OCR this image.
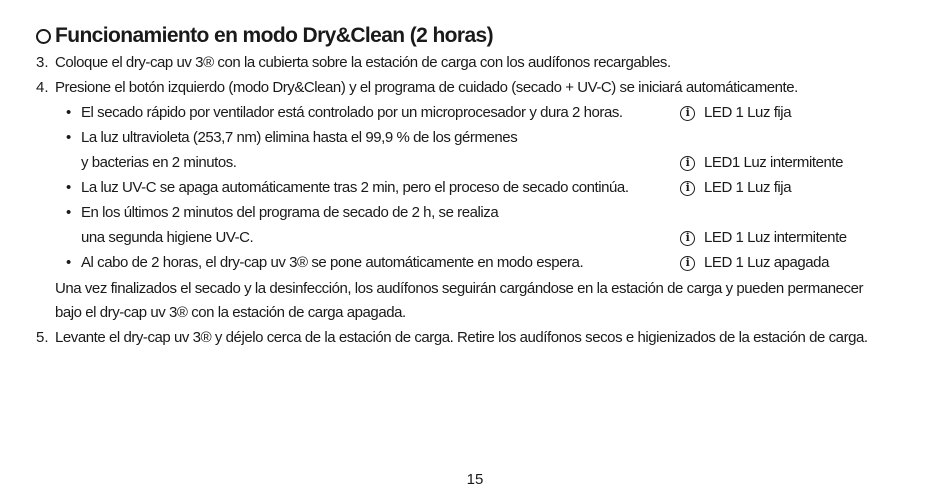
Funcionamiento en modo Dry&Clean (2 horas)
3. Coloque el dry-cap uv 3® con la cubierta sobre la estación de carga con los audífonos recargables.
4. Presione el botón izquierdo (modo Dry&Clean) y el programa de cuidado (secado + UV-C) se iniciará automáticamente.
• El secado rápido por ventilador está controlado por un microprocesador y dura 2 horas.	i LED 1 Luz fija
• La luz ultravioleta (253,7 nm) elimina hasta el 99,9 % de los gérmenes
y bacterias en 2 minutos.	i LED1 Luz intermitente
• La luz UV-C se apaga automáticamente tras 2 min, pero el proceso de secado continúa.	i LED 1 Luz fija
• En los últimos 2 minutos del programa de secado de 2 h, se realiza
una segunda higiene UV-C.	i LED 1 Luz intermitente
• Al cabo de 2 horas, el dry-cap uv 3® se pone automáticamente en modo espera.	i LED 1 Luz apagada
Una vez finalizados el secado y la desinfección, los audífonos seguirán cargándose en la estación de carga y pueden permanecer
bajo el dry-cap uv 3® con la estación de carga apagada.
5. Levante el dry-cap uv 3® y déjelo cerca de la estación de carga. Retire los audífonos secos e higienizados de la estación de carga.
15
